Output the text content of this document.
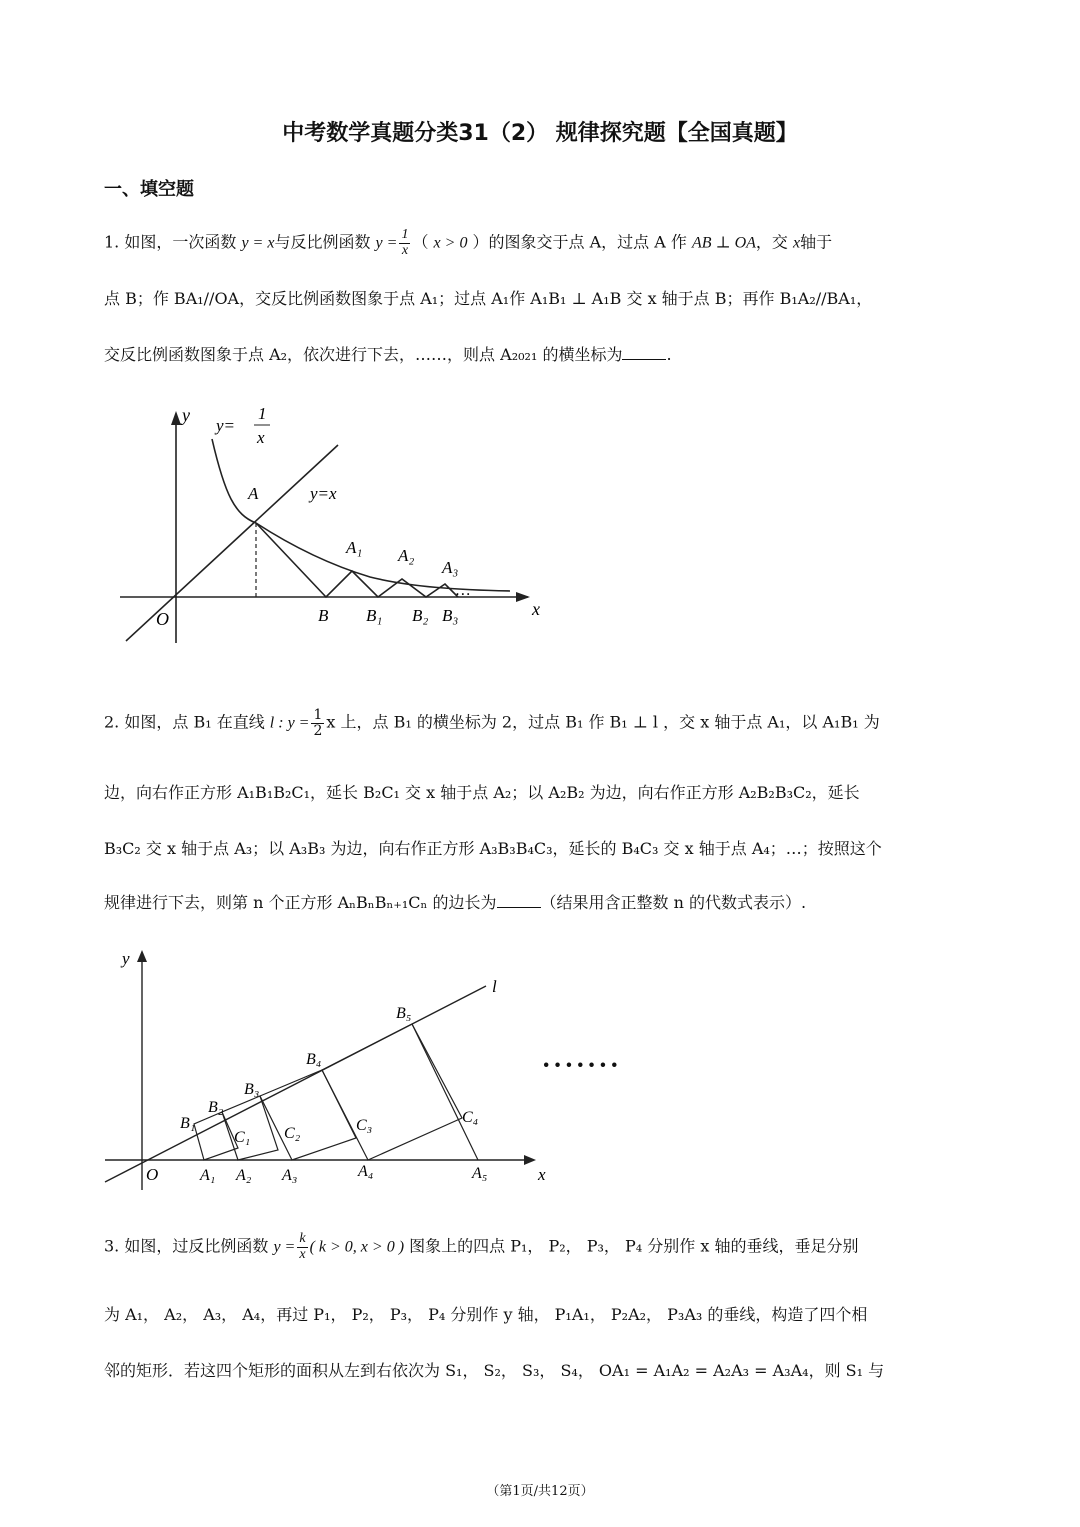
中考数学真题分类31（2） 规律探究题【全国真题】
一、填空题
1. 如图，一次函数 y = x与反比例函数 $y = \frac{1}{x}$ （ x > 0 ）的图象交于点 A，过点 A 作 AB ⊥ OA，交 x轴于
点 B；作 BA₁//OA，交反比例函数图象于点 A₁；过点 A₁作 A₁B₁ ⊥ A₁B 交 x 轴于点 B；再作 B₁A₂//BA₁，
交反比例函数图象于点 A₂，依次进行下去，……，则点 A₂₀₂₁ 的横坐标为	.
y
x
O
y=
1
x
y=x
A
A₁ A₂
A₃
B B₁ B₂ B₃
…
2. 如图，点 B₁ 在直线 l : $y = \frac{1}{2}$ x 上，点 B₁ 的横坐标为 2，过点 B₁ 作 B₁ ⊥ l ，交 x 轴于点 A₁，以 A₁B₁ 为
边，向右作正方形 A₁B₁B₂C₁，延长 B₂C₁ 交 x 轴于点 A₂；以 A₂B₂ 为边，向右作正方形 A₂B₂B₃C₂，延长
B₃C₂ 交 x 轴于点 A₃；以 A₃B₃ 为边，向右作正方形 A₃B₃B₄C₃，延长的 B₄C₃ 交 x 轴于点 A₄；…；按照这个
规律进行下去，则第 n 个正方形 AₙBₙBₙ₊₁Cₙ 的边长为	（结果用含正整数 n 的代数式表示）.
y
x
O
l
A₁ A₂ A₃	A₄	A₅
B₁
B₂
B₃
B₄
B₅
C₁ C₂	C₃	C₄
·······
3. 如图，过反比例函数 $y = \frac{k}{x}$ ( k > 0, x > 0 ) 图象上的四点 P₁， P₂， P₃， P₄ 分别作 x 轴的垂线，垂足分别
为 A₁， A₂， A₃， A₄，再过 P₁， P₂， P₃， P₄ 分别作 y 轴， P₁A₁， P₂A₂， P₃A₃ 的垂线，构造了四个相
邻的矩形．若这四个矩形的面积从左到右依次为 S₁， S₂， S₃， S₄， OA₁ = A₁A₂ = A₂A₃ = A₃A₄，则 S₁ 与
（第1页/共12页）
